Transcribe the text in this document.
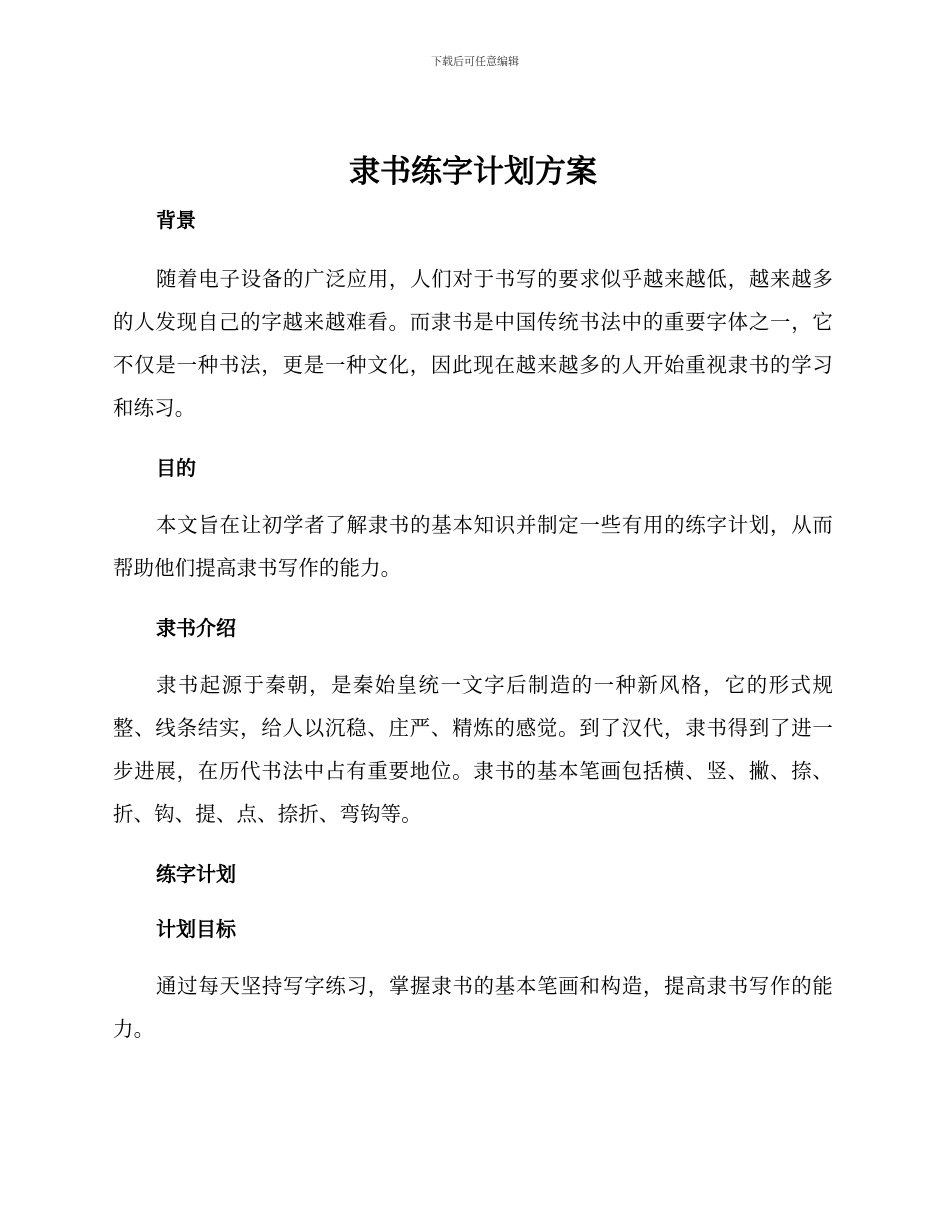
下载后可任意编辑
隶书练字计划方案
背景

随着电子设备的广泛应用，人们对于书写的要求似乎越来越低，越来越多的人发现自己的字越来越难看。而隶书是中国传统书法中的重要字体之一，它不仅是一种书法，更是一种文化，因此现在越来越多的人开始重视隶书的学习和练习。

目的

本文旨在让初学者了解隶书的基本知识并制定一些有用的练字计划，从而帮助他们提高隶书写作的能力。

隶书介绍

隶书起源于秦朝，是秦始皇统一文字后制造的一种新风格，它的形式规整、线条结实，给人以沉稳、庄严、精炼的感觉。到了汉代，隶书得到了进一步进展，在历代书法中占有重要地位。隶书的基本笔画包括横、竖、撇、捺、折、钩、提、点、捺折、弯钩等。

练字计划
计划目标

通过每天坚持写字练习，掌握隶书的基本笔画和构造，提高隶书写作的能力。
